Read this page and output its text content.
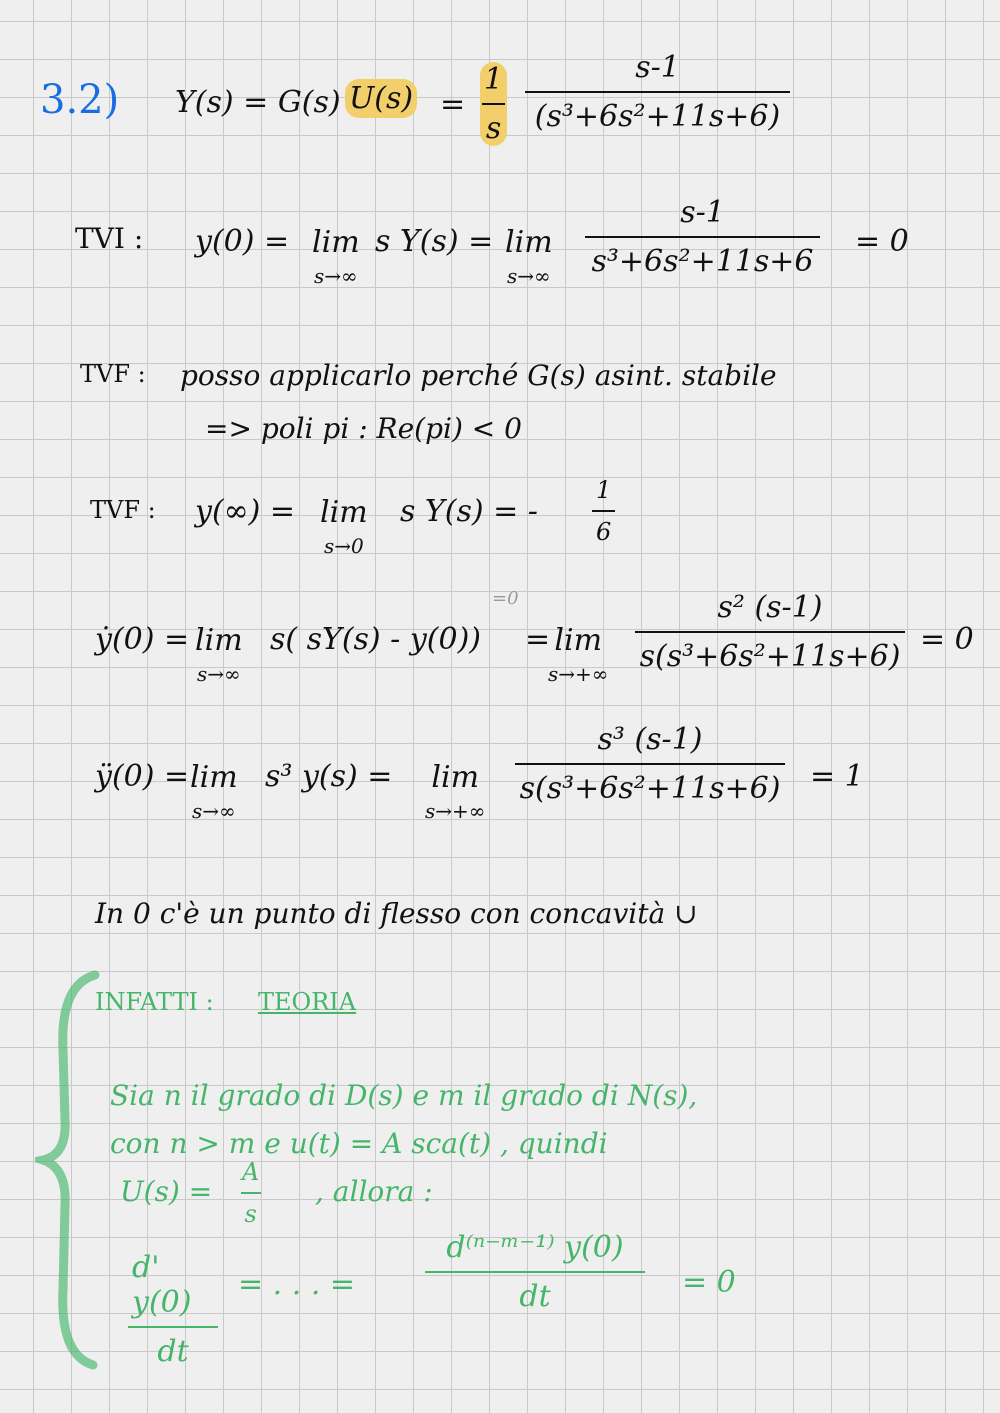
3.2) Y(s) = G(s) $U(s) = \frac{1}{s} \frac{s-1}{\text{(s³+6s²+11s+6)}}$
TVI : y(0) = lim
s→∞
s Y(s) = lim
$s\to\infty \frac{s-1}{\text{s³+6s²+11s+6}} = 0$
TVF : posso applicarlo perché G(s) asint. stabile
=> poli pi : Re(pi) < 0
TVF : y(∞) = lim
s→0
s Y(s) = - $\frac{1}{6}$
ẏ(0) = lim
s→∞
s( sY(s) - y(0))
=0
= lim
$s\to+\infty \frac{\text{s² (s-1)}}{\text{s(s³+6s²+11s+6)}} = 0$
ÿ(0) = lim
s→∞
s³ y(s) = lim
s→+∞
$\frac{\text{s³ (s-1)}}{\text{s(s³+6s²+11s+6)}} = 1$
In 0 c'è un punto di flesso con concavità ∪
INFATTI : TEORIA
Sia n il grado di D(s) e m il grado di N(s),
con n > m e u(t) = A sca(t) , quindi
$U(s) = \frac{A}{s}$ , allora :
$\frac{d' y(0)}{dt}$ = . . . = $\frac{\text{d⁽ⁿ⁻ᵐ⁻¹⁾ y(0)}}{dt} = 0$
